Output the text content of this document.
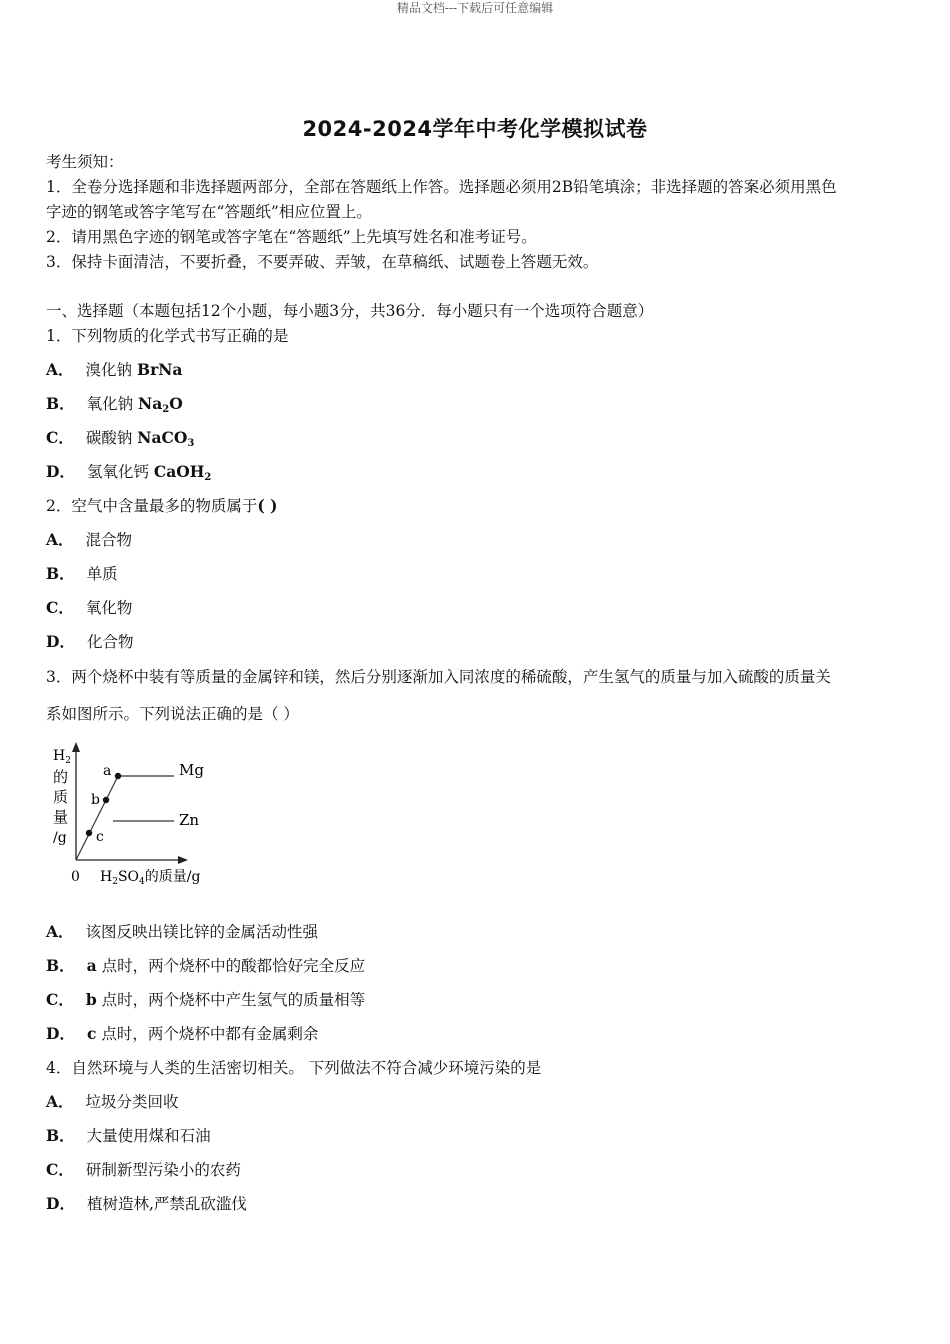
精品文档---下载后可任意编辑
2024-2024学年中考化学模拟试卷
考生须知：
1．全卷分选择题和非选择题两部分，全部在答题纸上作答。选择题必须用2B铅笔填涂；非选择题的答案必须用黑色
字迹的钢笔或答字笔写在“答题纸”相应位置上。
2．请用黑色字迹的钢笔或答字笔在“答题纸”上先填写姓名和准考证号。
3．保持卡面清洁，不要折叠，不要弄破、弄皱，在草稿纸、试题卷上答题无效。
一、选择题（本题包括12个小题，每小题3分，共36分．每小题只有一个选项符合题意）
1．下列物质的化学式书写正确的是
A． 溴化钠 BrNa
B． 氧化钠 $Na_2O$
C． 碳酸钠 NaCO$_3$
D． 氢氧化钙 CaOH$_2$
2．空气中含量最多的物质属于( )
A． 混合物
B． 单质
C． 氧化物
D． 化合物
3．两个烧杯中装有等质量的金属锌和镁，然后分别逐渐加入同浓度的稀硫酸，产生氢气的质量与加入硫酸的质量关
系如图所示。下列说法正确的是（ ）
a
b
c
Mg
Zn
$H_2$
的
质
量
/g
0 $H_2SO_4$的质量/g
A． 该图反映出镁比锌的金属活动性强
B． a 点时，两个烧杯中的酸都恰好完全反应
C． b 点时，两个烧杯中产生氢气的质量相等
D． c 点时，两个烧杯中都有金属剩余
4．自然环境与人类的生活密切相关。 下列做法不符合减少环境污染的是
A． 垃圾分类回收
B． 大量使用煤和石油
C． 研制新型污染小的农药
D． 植树造林,严禁乱砍滥伐
